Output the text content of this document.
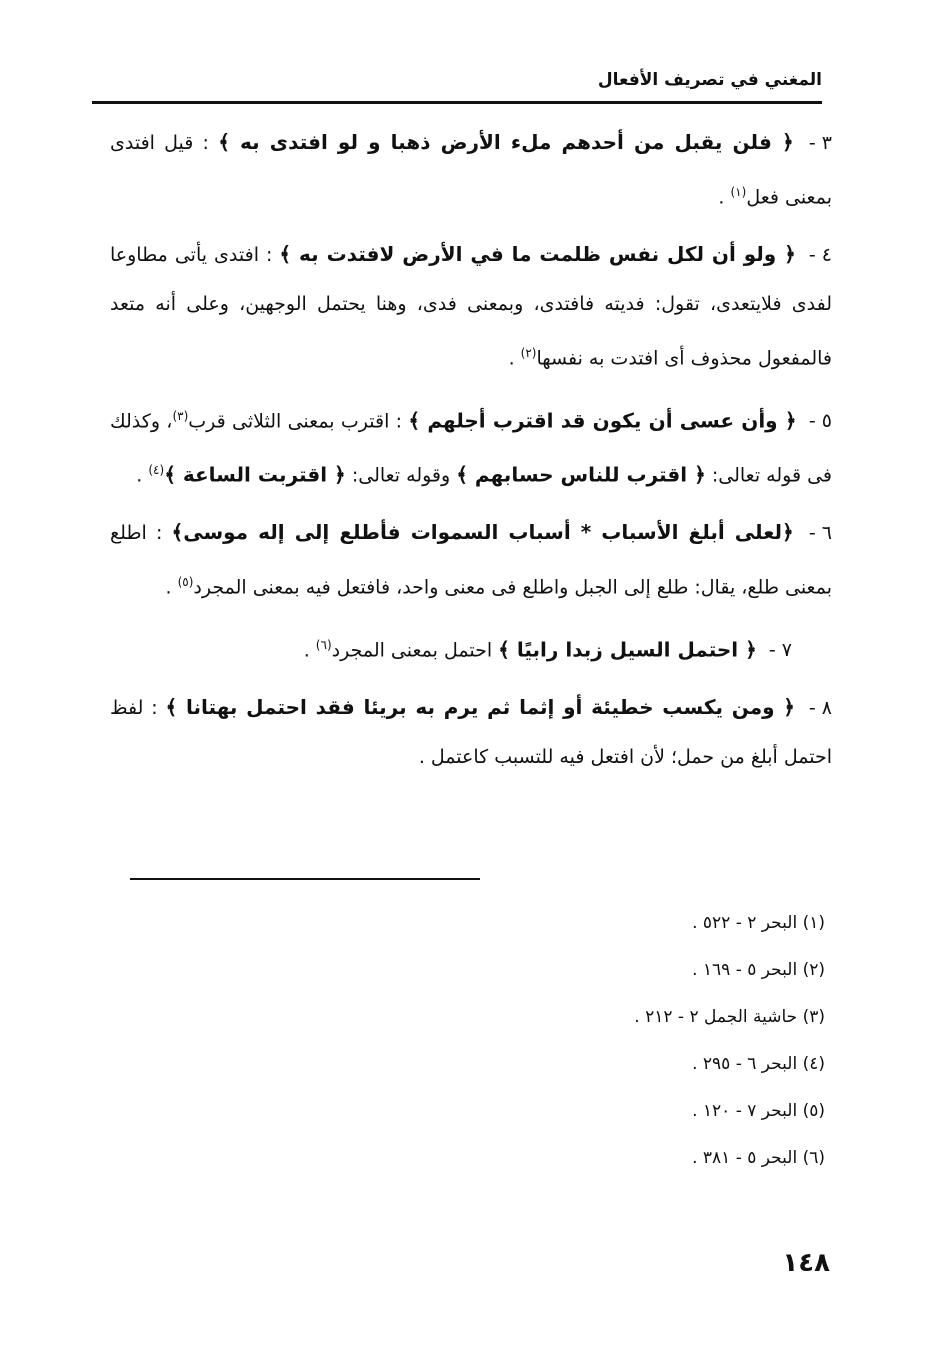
المغني في تصريف الأفعال

٣ - ﴿ فلن يقبل من أحدهم ملء الأرض ذهبا و لو افتدى به ﴾ : قيل افتدى بمعنى فعل$^{(١)}$ .

٤ - ﴿ ولو أن لكل نفس ظلمت ما في الأرض لافتدت به ﴾ : افتدى يأتى مطاوعا لفدى فلايتعدى، تقول: فديته فافتدى، وبمعنى فدى، وهنا يحتمل الوجهين، وعلى أنه متعد فالمفعول محذوف أى افتدت به نفسها$^{(٢)}$ .

٥ - ﴿ وأن عسى أن يكون قد اقترب أجلهم ﴾ : اقترب بمعنى الثلاثى قرب$^{(٣)}$، وكذلك فى قوله تعالى: ﴿ اقترب للناس حسابهم ﴾ وقوله تعالى: ﴿ اقتربت الساعة ﴾$^{(٤)}$ .

٦ - ﴿لعلى أبلغ الأسباب * أسباب السموات فأطلع إلى إله موسى﴾ : اطلع بمعنى طلع، يقال: طلع إلى الجبل واطلع فى معنى واحد، فافتعل فيه بمعنى المجرد$^{(٥)}$ .

٧ - ﴿ احتمل السيل زبدا رابيًا ﴾ احتمل بمعنى المجرد$^{(٦)}$ .

٨ - ﴿ ومن يكسب خطيئة أو إثما ثم يرم به بريئا فقد احتمل بهتانا ﴾ : لفظ احتمل أبلغ من حمل؛ لأن افتعل فيه للتسبب كاعتمل .

(١) البحر ٢ - ٥٢٢ .
(٢) البحر ٥ - ١٦٩ .
(٣) حاشية الجمل ٢ - ٢١٢ .
(٤) البحر ٦ - ٢٩٥ .
(٥) البحر ٧ - ١٢٠ .
(٦) البحر ٥ - ٣٨١ .
١٤٨
